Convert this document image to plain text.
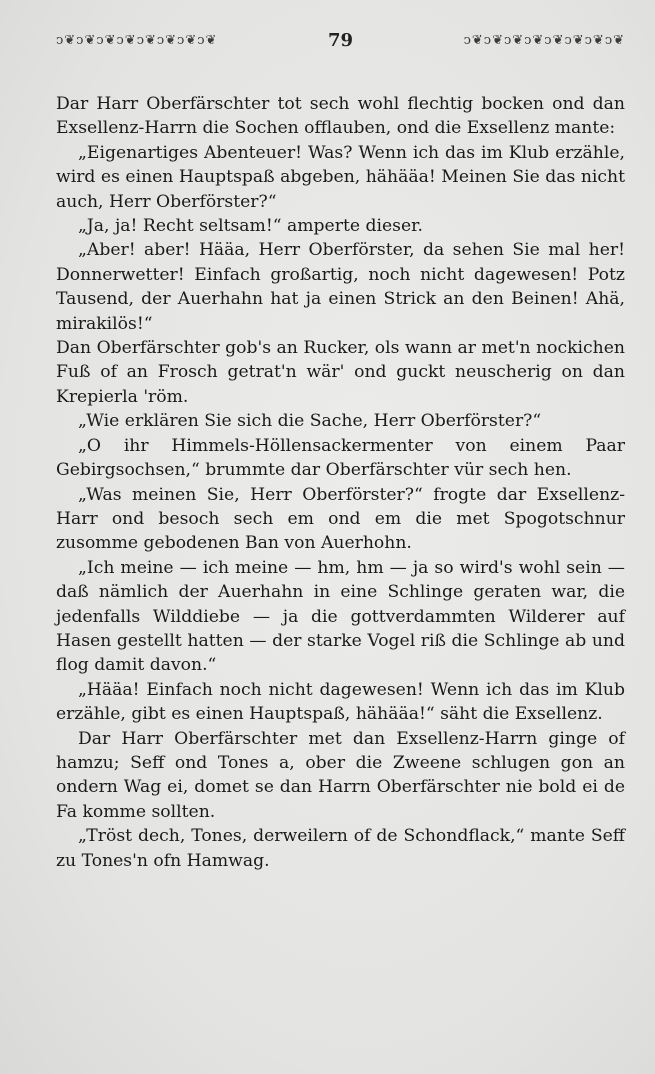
ↄ❦ↄ❦ↄ❦ↄ❦ↄ❦ↄ❦ↄ❦ↄ❦	79	ↄ❦ↄ❦ↄ❦ↄ❦ↄ❦ↄ❦ↄ❦ↄ❦

Dar Harr Oberfärschter tot sech wohl flechtig bocken ond dan Exsellenz-Harrn die Sochen offlauben, ond die Exsellenz mante:

„Eigenartiges Abenteuer! Was? Wenn ich das im Klub erzähle, wird es einen Hauptspaß abgeben, hähääa! Meinen Sie das nicht auch, Herr Oberförster?“

„Ja, ja! Recht seltsam!“ amperte dieser.

„Aber! aber! Hääa, Herr Oberförster, da sehen Sie mal her! Donnerwetter! Einfach großartig, noch nicht dagewesen! Potz Tausend, der Auerhahn hat ja einen Strick an den Beinen! Ahä, mirakilös!“

Dan Oberfärschter gob's an Rucker, ols wann ar met'n nockichen Fuß of an Frosch getrat'n wär' ond guckt neuscherig on dan Krepierla 'röm.

„Wie erklären Sie sich die Sache, Herr Oberförster?“

„O ihr Himmels-Höllensackermenter von einem Paar Gebirgsochsen,“ brummte dar Oberfärschter vür sech hen.

„Was meinen Sie, Herr Oberförster?“ frogte dar Exsellenz-Harr ond besoch sech em ond em die met Spogotschnur zusomme gebodenen Ban von Auerhohn.

„Ich meine — ich meine — hm, hm — ja so wird's wohl sein — daß nämlich der Auerhahn in eine Schlinge geraten war, die jedenfalls Wilddiebe — ja die gottverdammten Wilderer auf Hasen gestellt hatten — der starke Vogel riß die Schlinge ab und flog damit davon.“

„Hääa! Einfach noch nicht dagewesen! Wenn ich das im Klub erzähle, gibt es einen Hauptspaß, hähääa!“ säht die Exsellenz.

Dar Harr Oberfärschter met dan Exsellenz-Harrn ginge of hamzu; Seff ond Tones a, ober die Zweene schlugen gon an ondern Wag ei, domet se dan Harrn Oberfärschter nie bold ei de Fa komme sollten.

„Tröst dech, Tones, derweilern of de Schondflack,“ mante Seff zu Tones'n ofn Hamwag.
